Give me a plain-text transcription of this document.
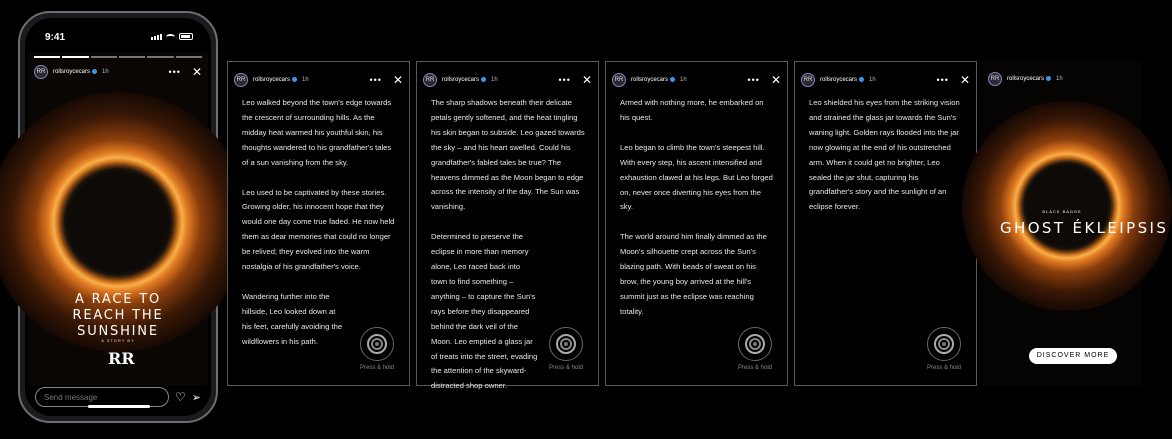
9:41
RR	rollsroycecars	1h	••• ✕
A RACE TO REACH THE SUNSHINE
A STORY BY
RR
Send message
♡ ➢
RR	rollsroycecars	1h	••• ✕

Leo walked beyond the town's edge towards the crescent of surrounding hills. As the midday heat warmed his youthful skin, his thoughts wandered to his grandfather's tales of a sun vanishing from the sky.

Leo used to be captivated by these stories. Growing older, his innocent hope that they would one day come true faded. He now held them as dear memories that could no longer be relived; they evolved into the warm nostalgia of his grandfather's voice.

Wandering further into the hillside, Leo looked down at his feet, carefully avoiding the wildflowers in his path.

Press & hold
RR	rollsroycecars	1h	••• ✕

The sharp shadows beneath their delicate petals gently softened, and the heat tingling his skin began to subside. Leo gazed towards the sky – and his heart swelled. Could his grandfather's fabled tales be true? The heavens dimmed as the Moon began to edge across the intensity of the day. The Sun was vanishing.

Determined to preserve the eclipse in more than memory alone, Leo raced back into town to find something – anything – to capture the Sun's rays before they disappeared behind the dark veil of the Moon. Leo emptied a glass jar of treats into the street, evading the attention of the skyward-distracted shop owner.

Press & hold
RR	rollsroycecars	1h	••• ✕

Armed with nothing more, he embarked on his quest.

Leo began to climb the town's steepest hill. With every step, his ascent intensified and exhaustion clawed at his legs. But Leo forged on, never once diverting his eyes from the sky.

The world around him finally dimmed as the Moon's silhouette crept across the Sun's blazing path. With beads of sweat on his brow, the young boy arrived at the hill's summit just as the eclipse was reaching totality.

Press & hold
RR	rollsroycecars	1h	••• ✕

Leo shielded his eyes from the striking vision and strained the glass jar towards the Sun's waning light. Golden rays flooded into the jar now glowing at the end of his outstretched arm. When it could get no brighter, Leo sealed the jar shut, capturing his grandfather's story and the sunlight of an eclipse forever.

Press & hold
RR	rollsroycecars	1h
BLACK BADGE
GHOST ÉKLEIPSIS
DISCOVER MORE
